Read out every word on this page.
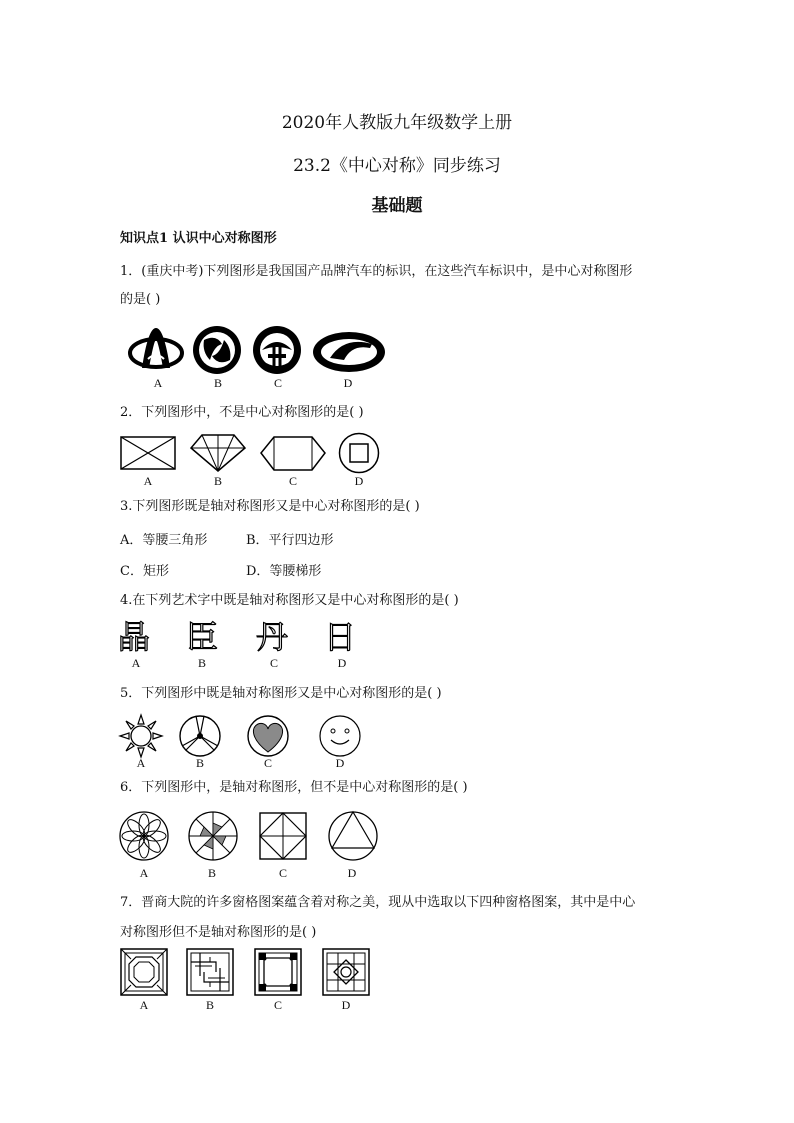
2020年人教版九年级数学上册
23.2《中心对称》同步练习
基础题
知识点1 认识中心对称图形
1．(重庆中考)下列图形是我国国产品牌汽车的标识，在这些汽车标识中，是中心对称图形
的是( )
A	B	C	D
2．下列图形中，不是中心对称图形的是( )
A	B	C	D
3.下列图形既是轴对称图形又是中心对称图形的是( )
A．等腰三角形	B．平行四边形
C．矩形	D．等腰梯形
4.在下列艺术字中既是轴对称图形又是中心对称图形的是( )
晶 臣 丹 日
A	B	C	D
5．下列图形中既是轴对称图形又是中心对称图形的是( )
A	B	C	D
6．下列图形中，是轴对称图形，但不是中心对称图形的是( )
A	B	C	D
7．晋商大院的许多窗格图案蕴含着对称之美，现从中选取以下四种窗格图案，其中是中心
对称图形但不是轴对称图形的是( )
A	B	C	D
